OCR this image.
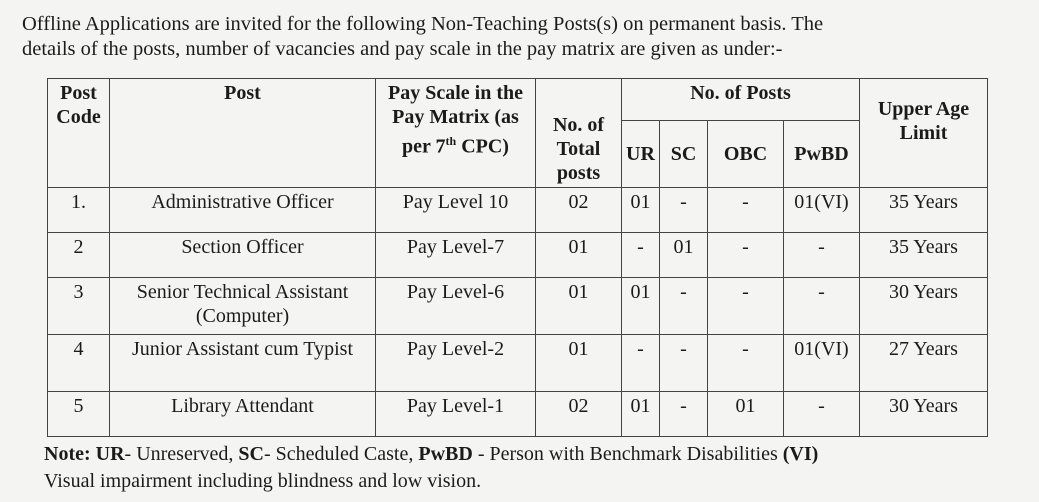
Offline Applications are invited for the following Non-Teaching Posts(s) on permanent basis. The
details of the posts, number of vacancies and pay scale in the pay matrix are given as under:-
Post Code	Post	Pay Scale in the Pay Matrix (as per 7th CPC)	No. of Total posts	No. of Posts				Upper Age Limit
				UR	SC	OBC	PwBD	
1.	Administrative Officer	Pay Level 10	02	01	-	-	01(VI)	35 Years
2	Section Officer	Pay Level-7	01	-	01	-	-	35 Years
3	Senior Technical Assistant (Computer)	Pay Level-6	01	01	-	-	-	30 Years
4	Junior Assistant cum Typist	Pay Level-2	01	-	-	-	01(VI)	27 Years
5	Library Attendant	Pay Level-1	02	01	-	01	-	30 Years
Note: UR- Unreserved, SC- Scheduled Caste, PwBD - Person with Benchmark Disabilities (VI)
Visual impairment including blindness and low vision.
